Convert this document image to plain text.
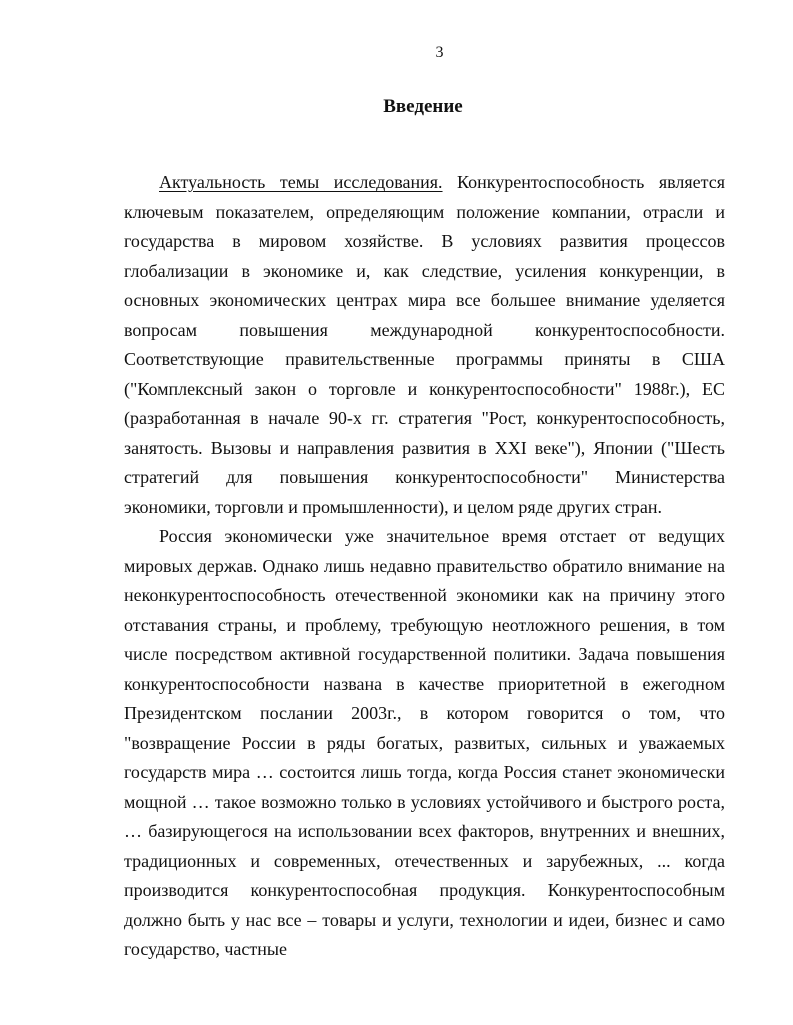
3
Введение

Актуальность темы исследования. Конкурентоспособность является ключевым показателем, определяющим положение компании, отрасли и государства в мировом хозяйстве. В условиях развития процессов глобализации в экономике и, как следствие, усиления конкуренции, в основных экономических центрах мира все большее внимание уделяется вопросам повышения международной конкурентоспособности. Соответствующие правительственные программы приняты в США ("Комплексный закон о торговле и конкурентоспособности" 1988г.), ЕС (разработанная в начале 90-х гг. стратегия "Рост, конкурентоспособность, занятость. Вызовы и направления развития в XXI веке"), Японии ("Шесть стратегий для повышения конкурентоспособности" Министерства экономики, торговли и промышленности), и целом ряде других стран.

Россия экономически уже значительное время отстает от ведущих мировых держав. Однако лишь недавно правительство обратило внимание на неконкурентоспособность отечественной экономики как на причину этого отставания страны, и проблему, требующую неотложного решения, в том числе посредством активной государственной политики. Задача повышения конкурентоспособности названа в качестве приоритетной в ежегодном Президентском послании 2003г., в котором говорится о том, что "возвращение России в ряды богатых, развитых, сильных и уважаемых государств мира … состоится лишь тогда, когда Россия станет экономически мощной … такое возможно только в условиях устойчивого и быстрого роста, … базирующегося на использовании всех факторов, внутренних и внешних, традиционных и современных, отечественных и зарубежных, ... когда производится конкурентоспособная продукция. Конкурентоспособным должно быть у нас все – товары и услуги, технологии и идеи, бизнес и само государство, частные
